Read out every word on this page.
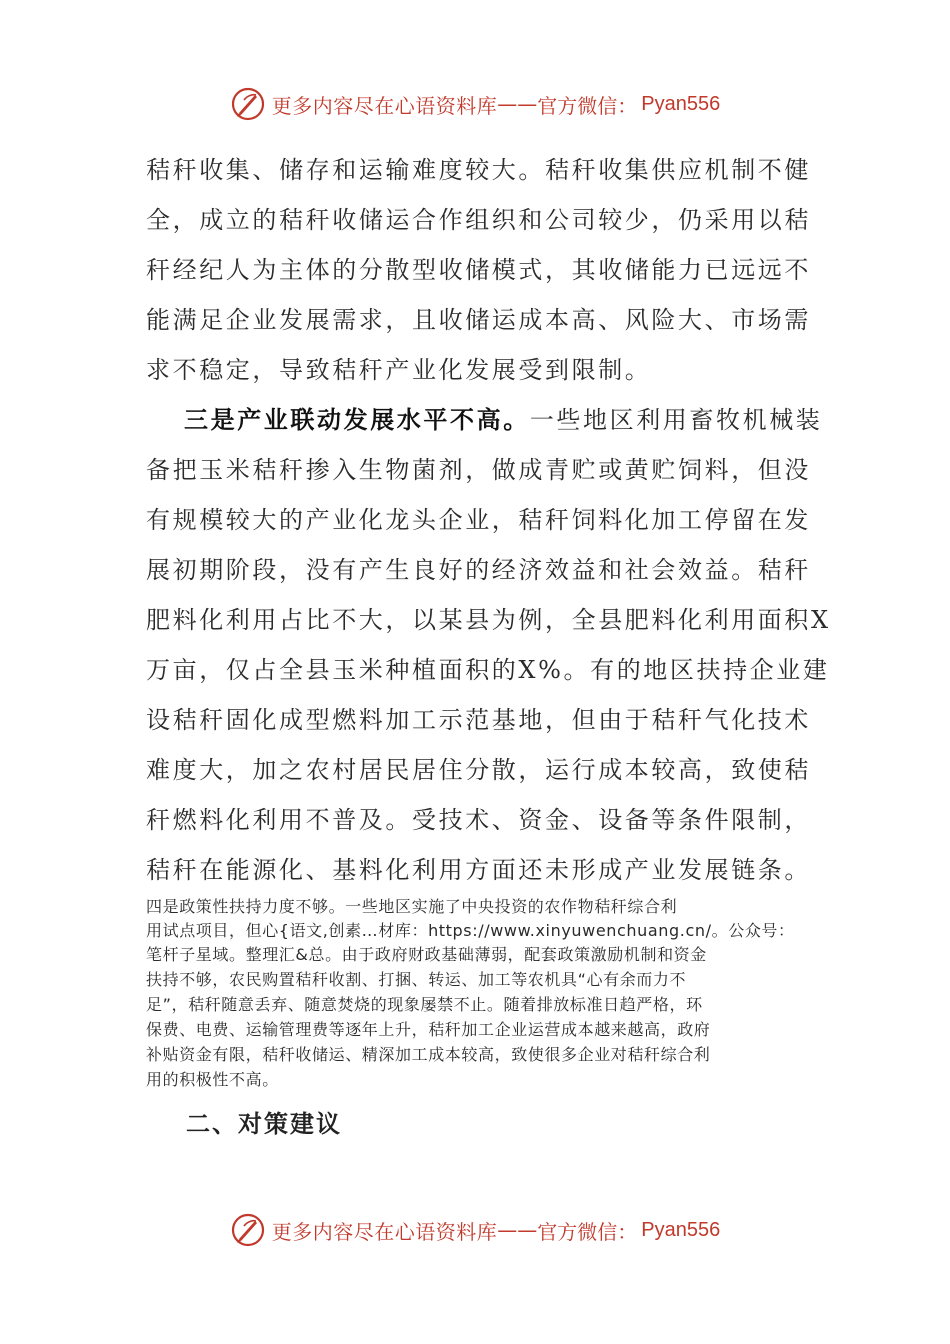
更多内容尽在心语资料库 —— 官方微信： Pyan556
秸秆收集、储存和运输难度较大。秸秆收集供应机制不健
全，成立的秸秆收储运合作组织和公司较少，仍采用以秸
秆经纪人为主体的分散型收储模式，其收储能力已远远不
能满足企业发展需求，且收储运成本高、风险大、市场需
求不稳定，导致秸秆产业化发展受到限制。
三是产业联动发展水平不高。一些地区利用畜牧机械装
备把玉米秸秆掺入生物菌剂，做成青贮或黄贮饲料，但没
有规模较大的产业化龙头企业，秸秆饲料化加工停留在发
展初期阶段，没有产生良好的经济效益和社会效益。秸秆
肥料化利用占比不大，以某县为例，全县肥料化利用面积X
万亩，仅占全县玉米种植面积的X%。有的地区扶持企业建
设秸秆固化成型燃料加工示范基地，但由于秸秆气化技术
难度大，加之农村居民居住分散，运行成本较高，致使秸
秆燃料化利用不普及。受技术、资金、设备等条件限制，
秸秆在能源化、基料化利用方面还未形成产业发展链条。
四是政策性扶持力度不够。一些地区实施了中央投资的农作物秸秆综合利
用试点项目，但心{语文,创素…材库：https://www.xinyuwenchuang.cn/。公众号：
笔杆子星域。整理汇&总。由于政府财政基础薄弱，配套政策激励机制和资金
扶持不够，农民购置秸秆收割、打捆、转运、加工等农机具“心有余而力不
足”，秸秆随意丢弃、随意焚烧的现象屡禁不止。随着排放标准日趋严格，环
保费、电费、运输管理费等逐年上升，秸秆加工企业运营成本越来越高，政府
补贴资金有限，秸秆收储运、精深加工成本较高，致使很多企业对秸秆综合利
用的积极性不高。
二、对策建议
更多内容尽在心语资料库 —— 官方微信： Pyan556
